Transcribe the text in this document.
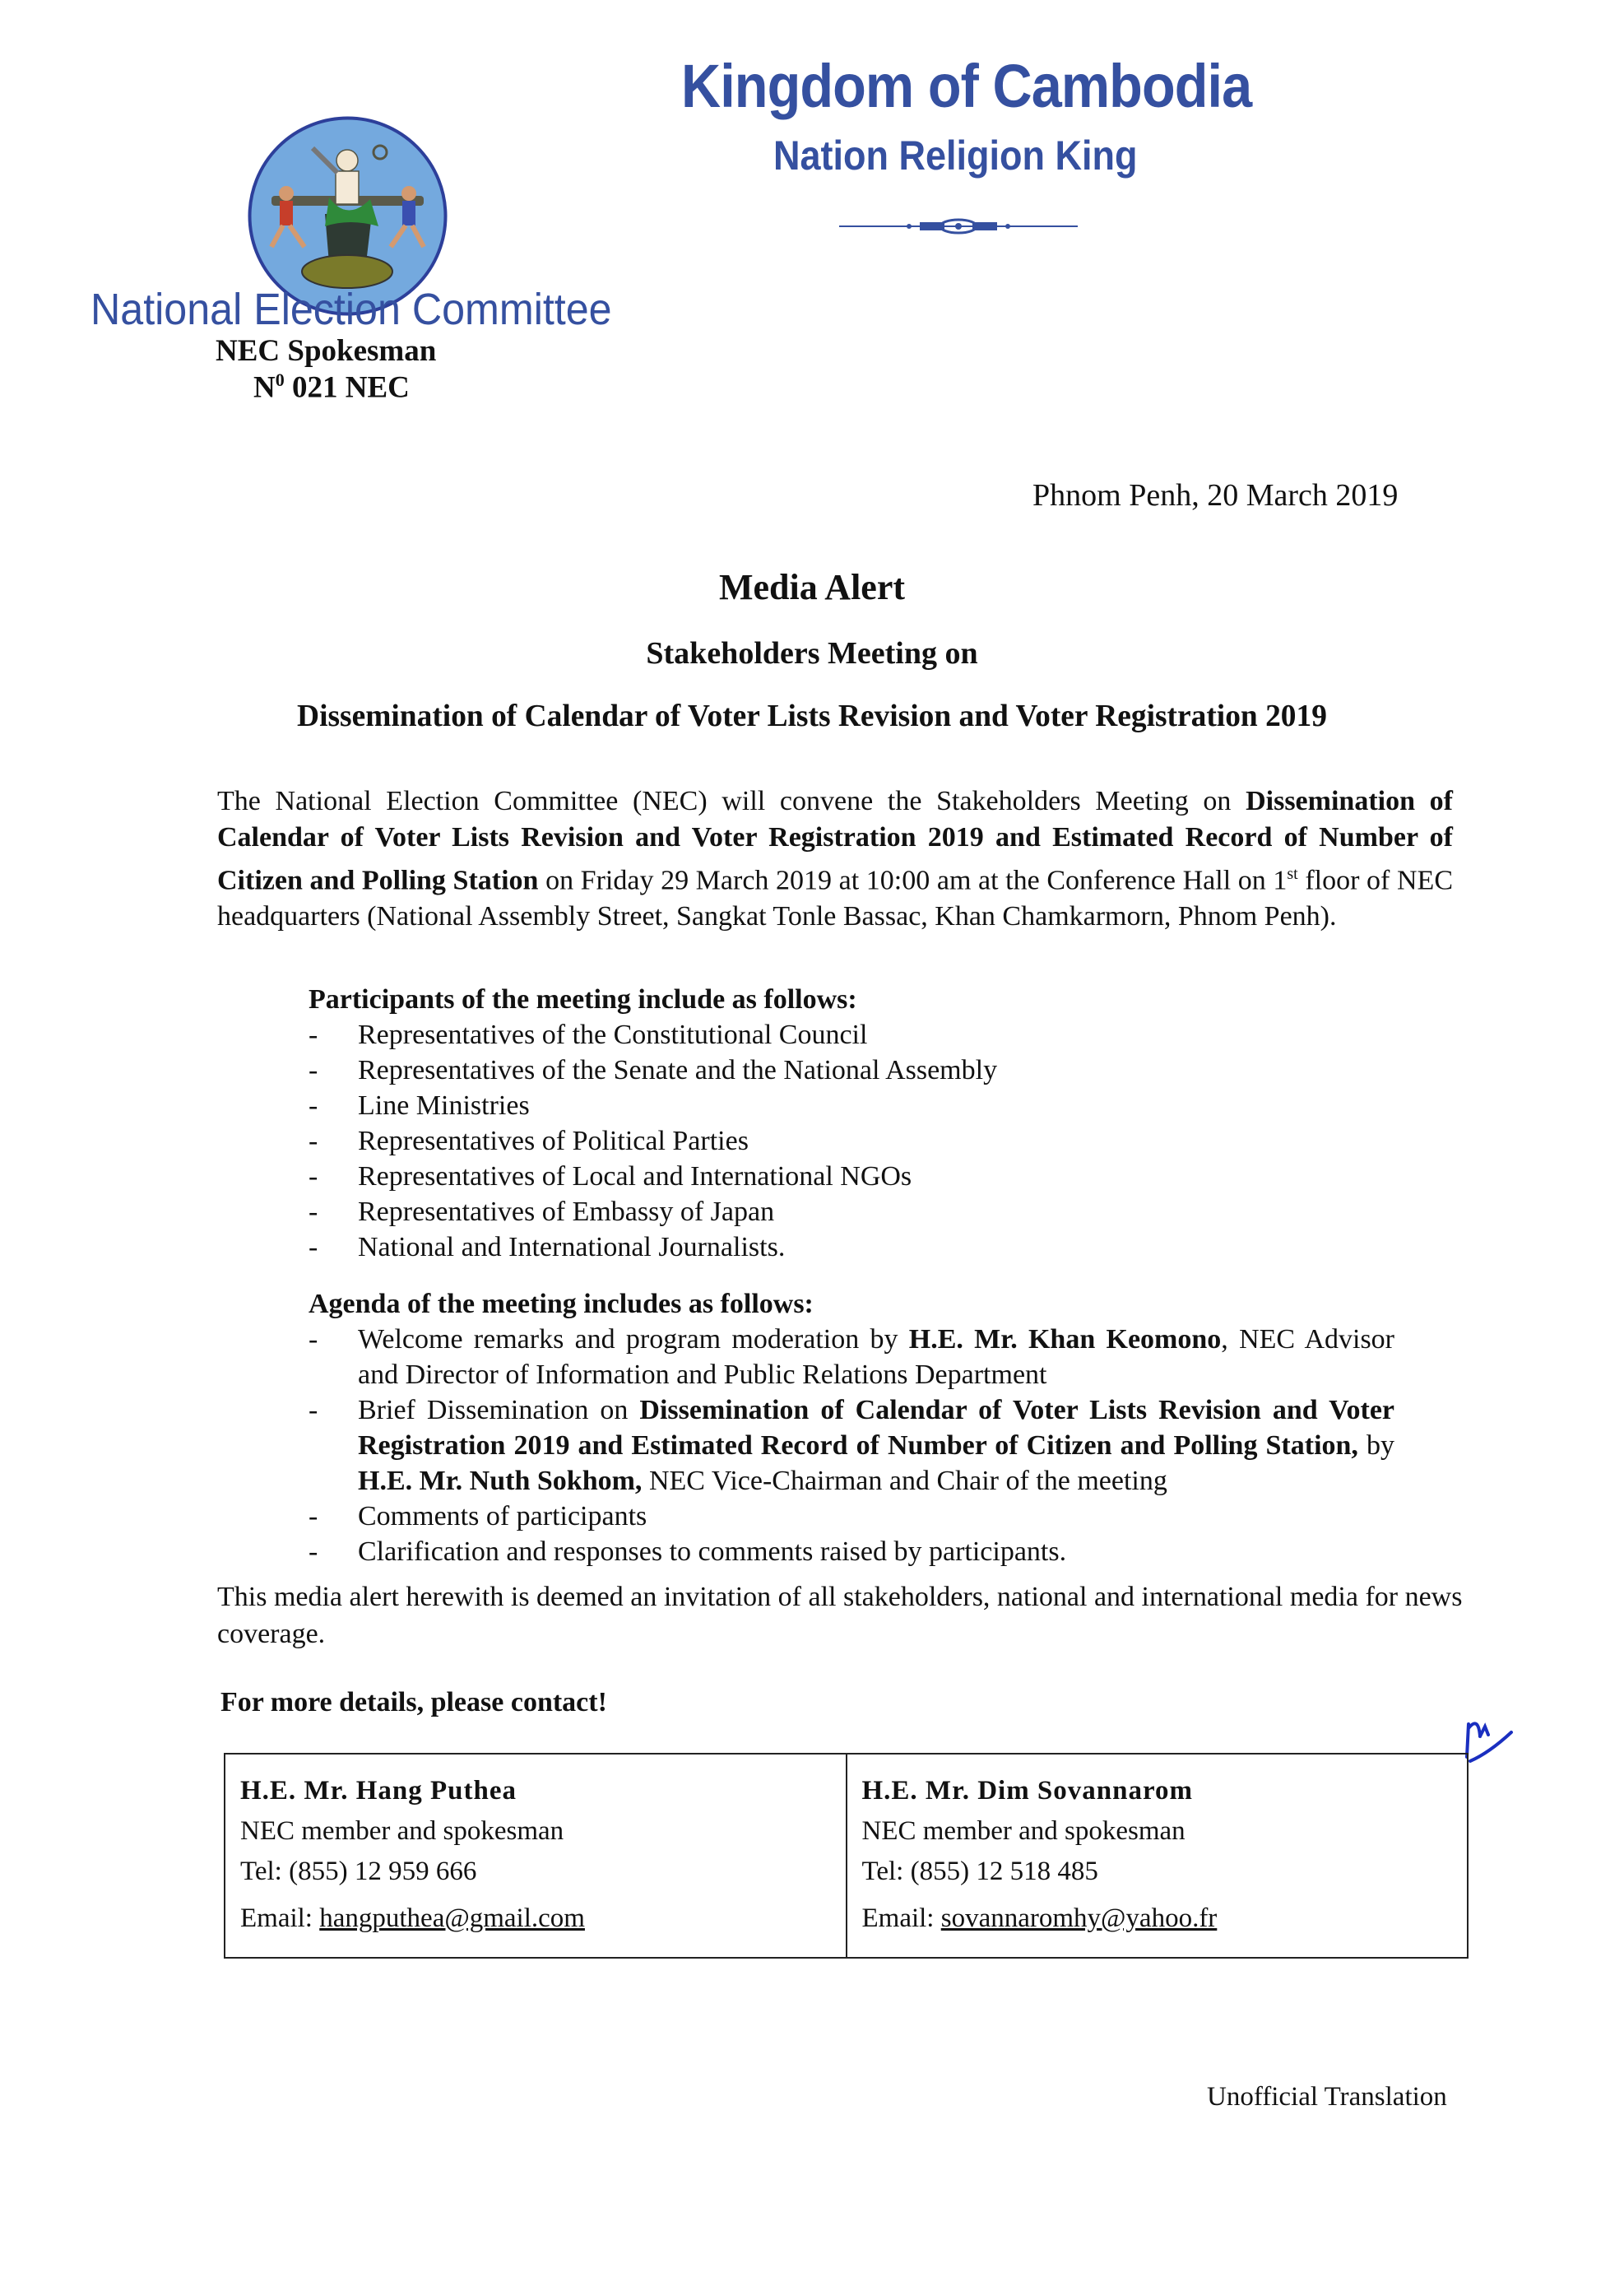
Kingdom of Cambodia
Nation Religion King
National Election Committee
NEC Spokesman
$N^0$ 021 NEC
Phnom Penh, 20 March 2019
Media Alert
Stakeholders Meeting on
Dissemination of Calendar of Voter Lists Revision and Voter Registration 2019
The National Election Committee (NEC) will convene the Stakeholders Meeting on Dissemination of Calendar of Voter Lists Revision and Voter Registration 2019 and Estimated Record of Number of Citizen and Polling Station on Friday 29 March 2019 at 10:00 am at the Conference Hall on 1st floor of NEC headquarters (National Assembly Street, Sangkat Tonle Bassac, Khan Chamkarmorn, Phnom Penh).
Participants of the meeting include as follows:
- Representatives of the Constitutional Council
- Representatives of the Senate and the National Assembly
- Line Ministries
- Representatives of Political Parties
- Representatives of Local and International NGOs
- Representatives of Embassy of Japan
- National and International Journalists.
Agenda of the meeting includes as follows:
- Welcome remarks and program moderation by H.E. Mr. Khan Keomono, NEC Advisor and Director of Information and Public Relations Department
- Brief Dissemination on Dissemination of Calendar of Voter Lists Revision and Voter Registration 2019 and Estimated Record of Number of Citizen and Polling Station, by H.E. Mr. Nuth Sokhom, NEC Vice-Chairman and Chair of the meeting
- Comments of participants
- Clarification and responses to comments raised by participants.
This media alert herewith is deemed an invitation of all stakeholders, national and international media for news coverage.
For more details, please contact!
H.E. Mr. Hang Puthea
NEC member and spokesman
Tel: (855) 12 959 666
Email: hangputhea@gmail.com
H.E. Mr. Dim Sovannarom
NEC member and spokesman
Tel: (855) 12 518 485
Email: sovannaromhy@yahoo.fr
Unofficial Translation
